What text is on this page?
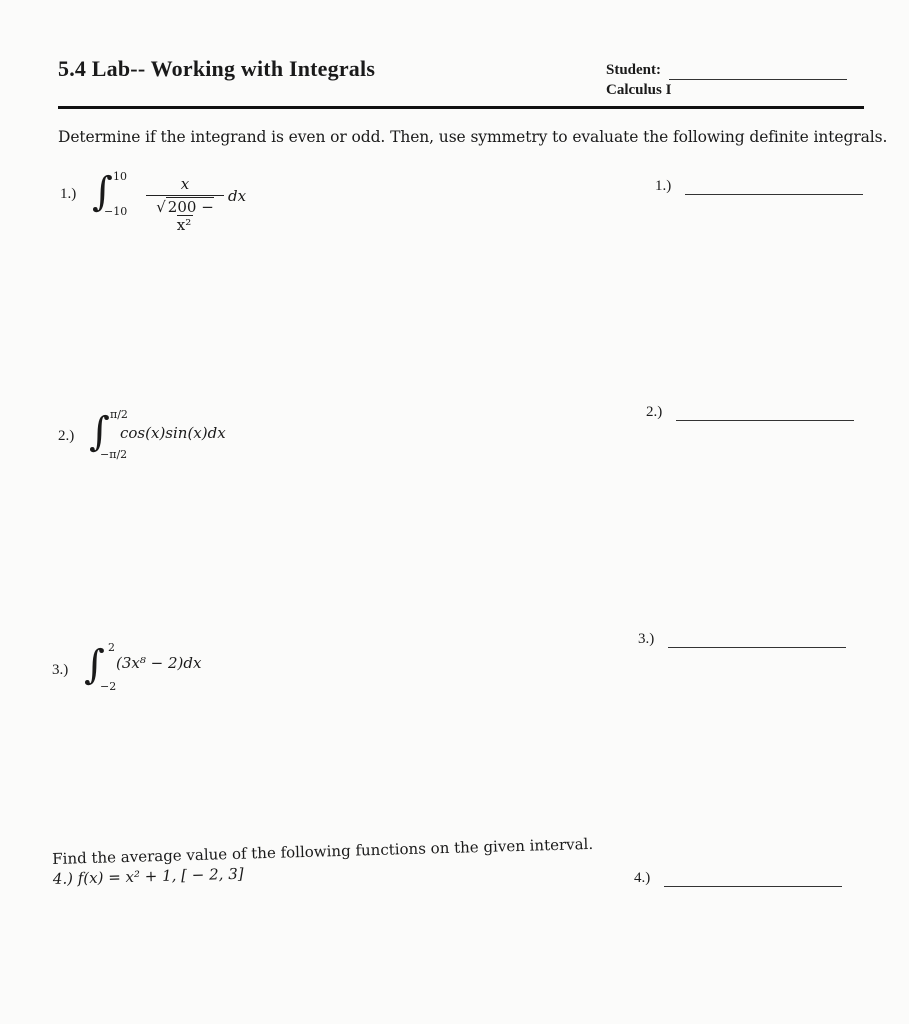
5.4 Lab-- Working with Integrals	Student:
Calculus I
Determine if the integrand is even or odd. Then, use symmetry to evaluate the following definite integrals.
1.) ∫ 10
−10
x
√ 200 − x²
dx
1.)
2.) ∫ π/2
−π/2
cos(x)sin(x)dx
2.)
3.) ∫ 2
−2
(3x⁸ − 2)dx
3.)
Find the average value of the following functions on the given interval.
4.) f(x) = x² + 1, [ − 2, 3]	4.)
